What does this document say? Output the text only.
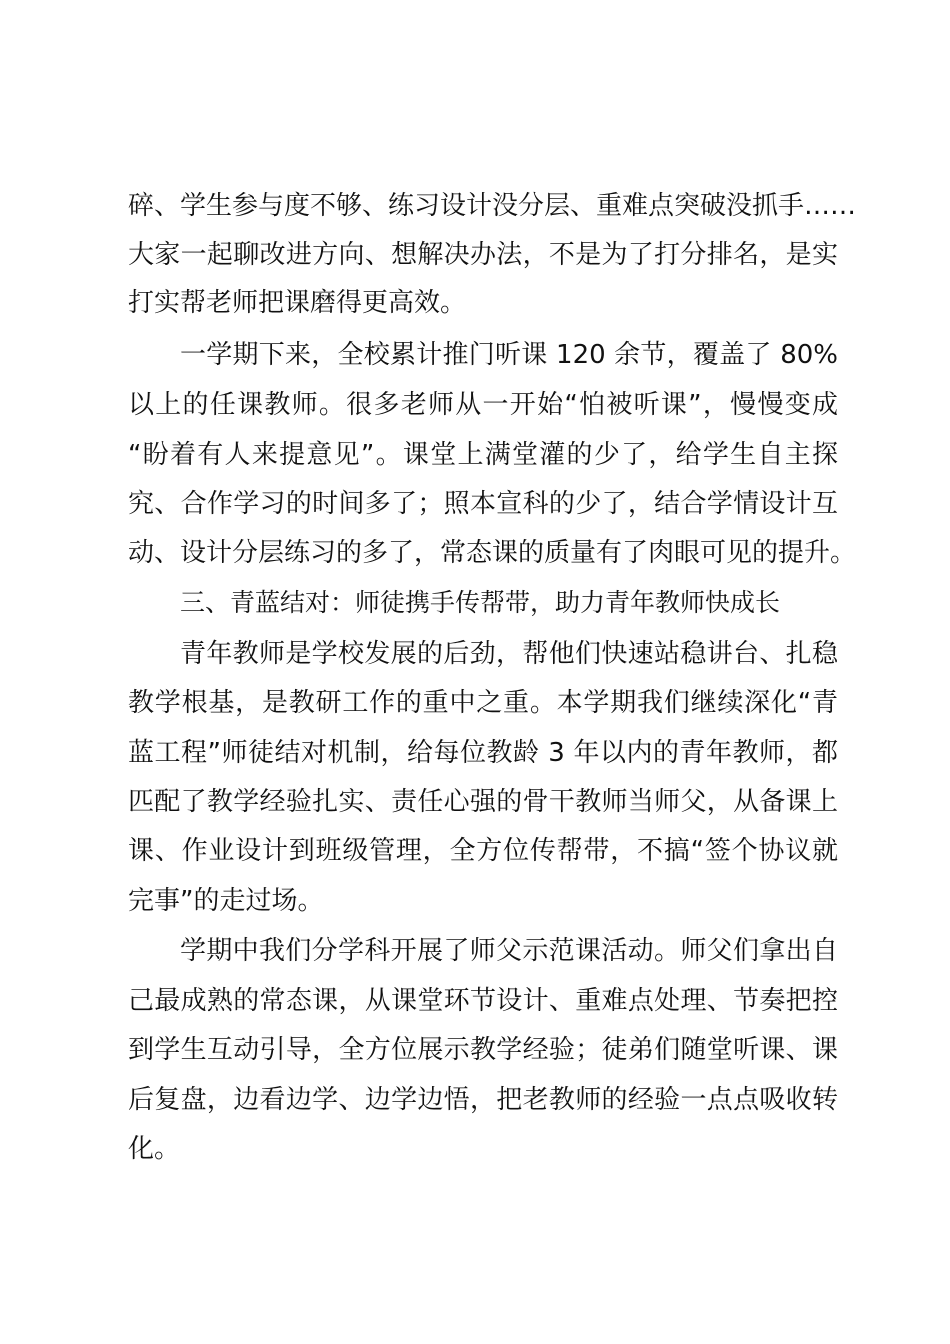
碎、学生参与度不够、练习设计没分层、重难点突破没抓手……
大家一起聊改进方向、想解决办法，不是为了打分排名，是实
打实帮老师把课磨得更高效。
一学期下来，全校累计推门听课 120 余节，覆盖了 80%
以上的任课教师。很多老师从一开始“怕被听课”，慢慢变成
“盼着有人来提意见”。课堂上满堂灌的少了，给学生自主探
究、合作学习的时间多了；照本宣科的少了，结合学情设计互
动、设计分层练习的多了，常态课的质量有了肉眼可见的提升。
三、青蓝结对：师徒携手传帮带，助力青年教师快成长
青年教师是学校发展的后劲，帮他们快速站稳讲台、扎稳
教学根基，是教研工作的重中之重。本学期我们继续深化“青
蓝工程”师徒结对机制，给每位教龄 3 年以内的青年教师，都
匹配了教学经验扎实、责任心强的骨干教师当师父，从备课上
课、作业设计到班级管理，全方位传帮带，不搞“签个协议就
完事”的走过场。
学期中我们分学科开展了师父示范课活动。师父们拿出自
己最成熟的常态课，从课堂环节设计、重难点处理、节奏把控
到学生互动引导，全方位展示教学经验；徒弟们随堂听课、课
后复盘，边看边学、边学边悟，把老教师的经验一点点吸收转
化。
